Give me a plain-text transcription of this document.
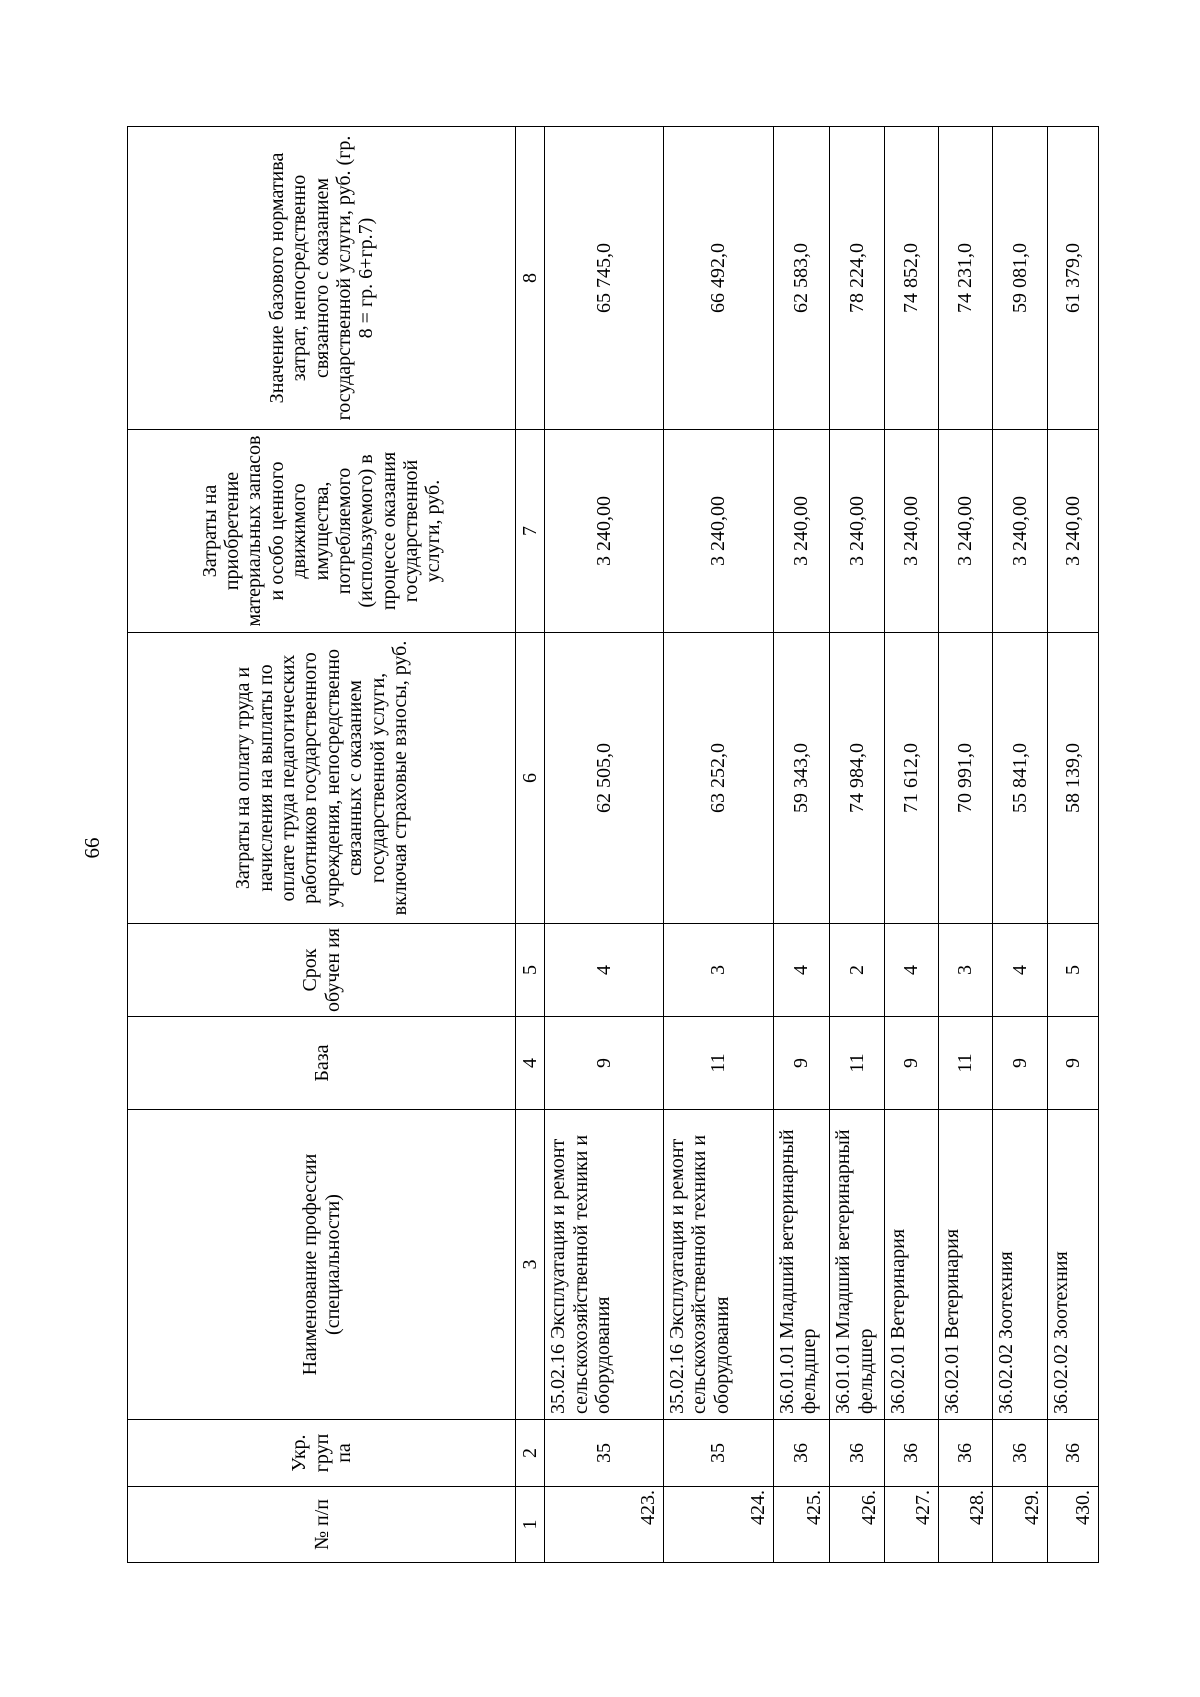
66
№ п/п	Укр. груп па	Наименование профессии (специальности)	База	Срок обучен ия	Затраты на оплату труда и начисления на выплаты по оплате труда педагогических работников государственного учреждения, непосредственно связанных с оказанием государственной услуги, включая страховые взносы, руб.	Затраты на приобретение материальных запасов и особо ценного движимого имущества, потребляемого (используемого) в процессе оказания государственной услуги, руб.	Значение базового норматива затрат, непосредственно связанного с оказанием государственной услуги, руб. (гр. 8 = гр. 6+гр.7)
1	2	3	4	5	6	7	8
423.	35	35.02.16 Эксплуатация и ремонт сельскохозяйственной техники и оборудования	9	4	62 505,0	3 240,00	65 745,0
424.	35	35.02.16 Эксплуатация и ремонт сельскохозяйственной техники и оборудования	11	3	63 252,0	3 240,00	66 492,0
425.	36	36.01.01 Младший ветеринарный фельдшер	9	4	59 343,0	3 240,00	62 583,0
426.	36	36.01.01 Младший ветеринарный фельдшер	11	2	74 984,0	3 240,00	78 224,0
427.	36	36.02.01 Ветеринария	9	4	71 612,0	3 240,00	74 852,0
428.	36	36.02.01 Ветеринария	11	3	70 991,0	3 240,00	74 231,0
429.	36	36.02.02 Зоотехния	9	4	55 841,0	3 240,00	59 081,0
430.	36	36.02.02 Зоотехния	9	5	58 139,0	3 240,00	61 379,0
